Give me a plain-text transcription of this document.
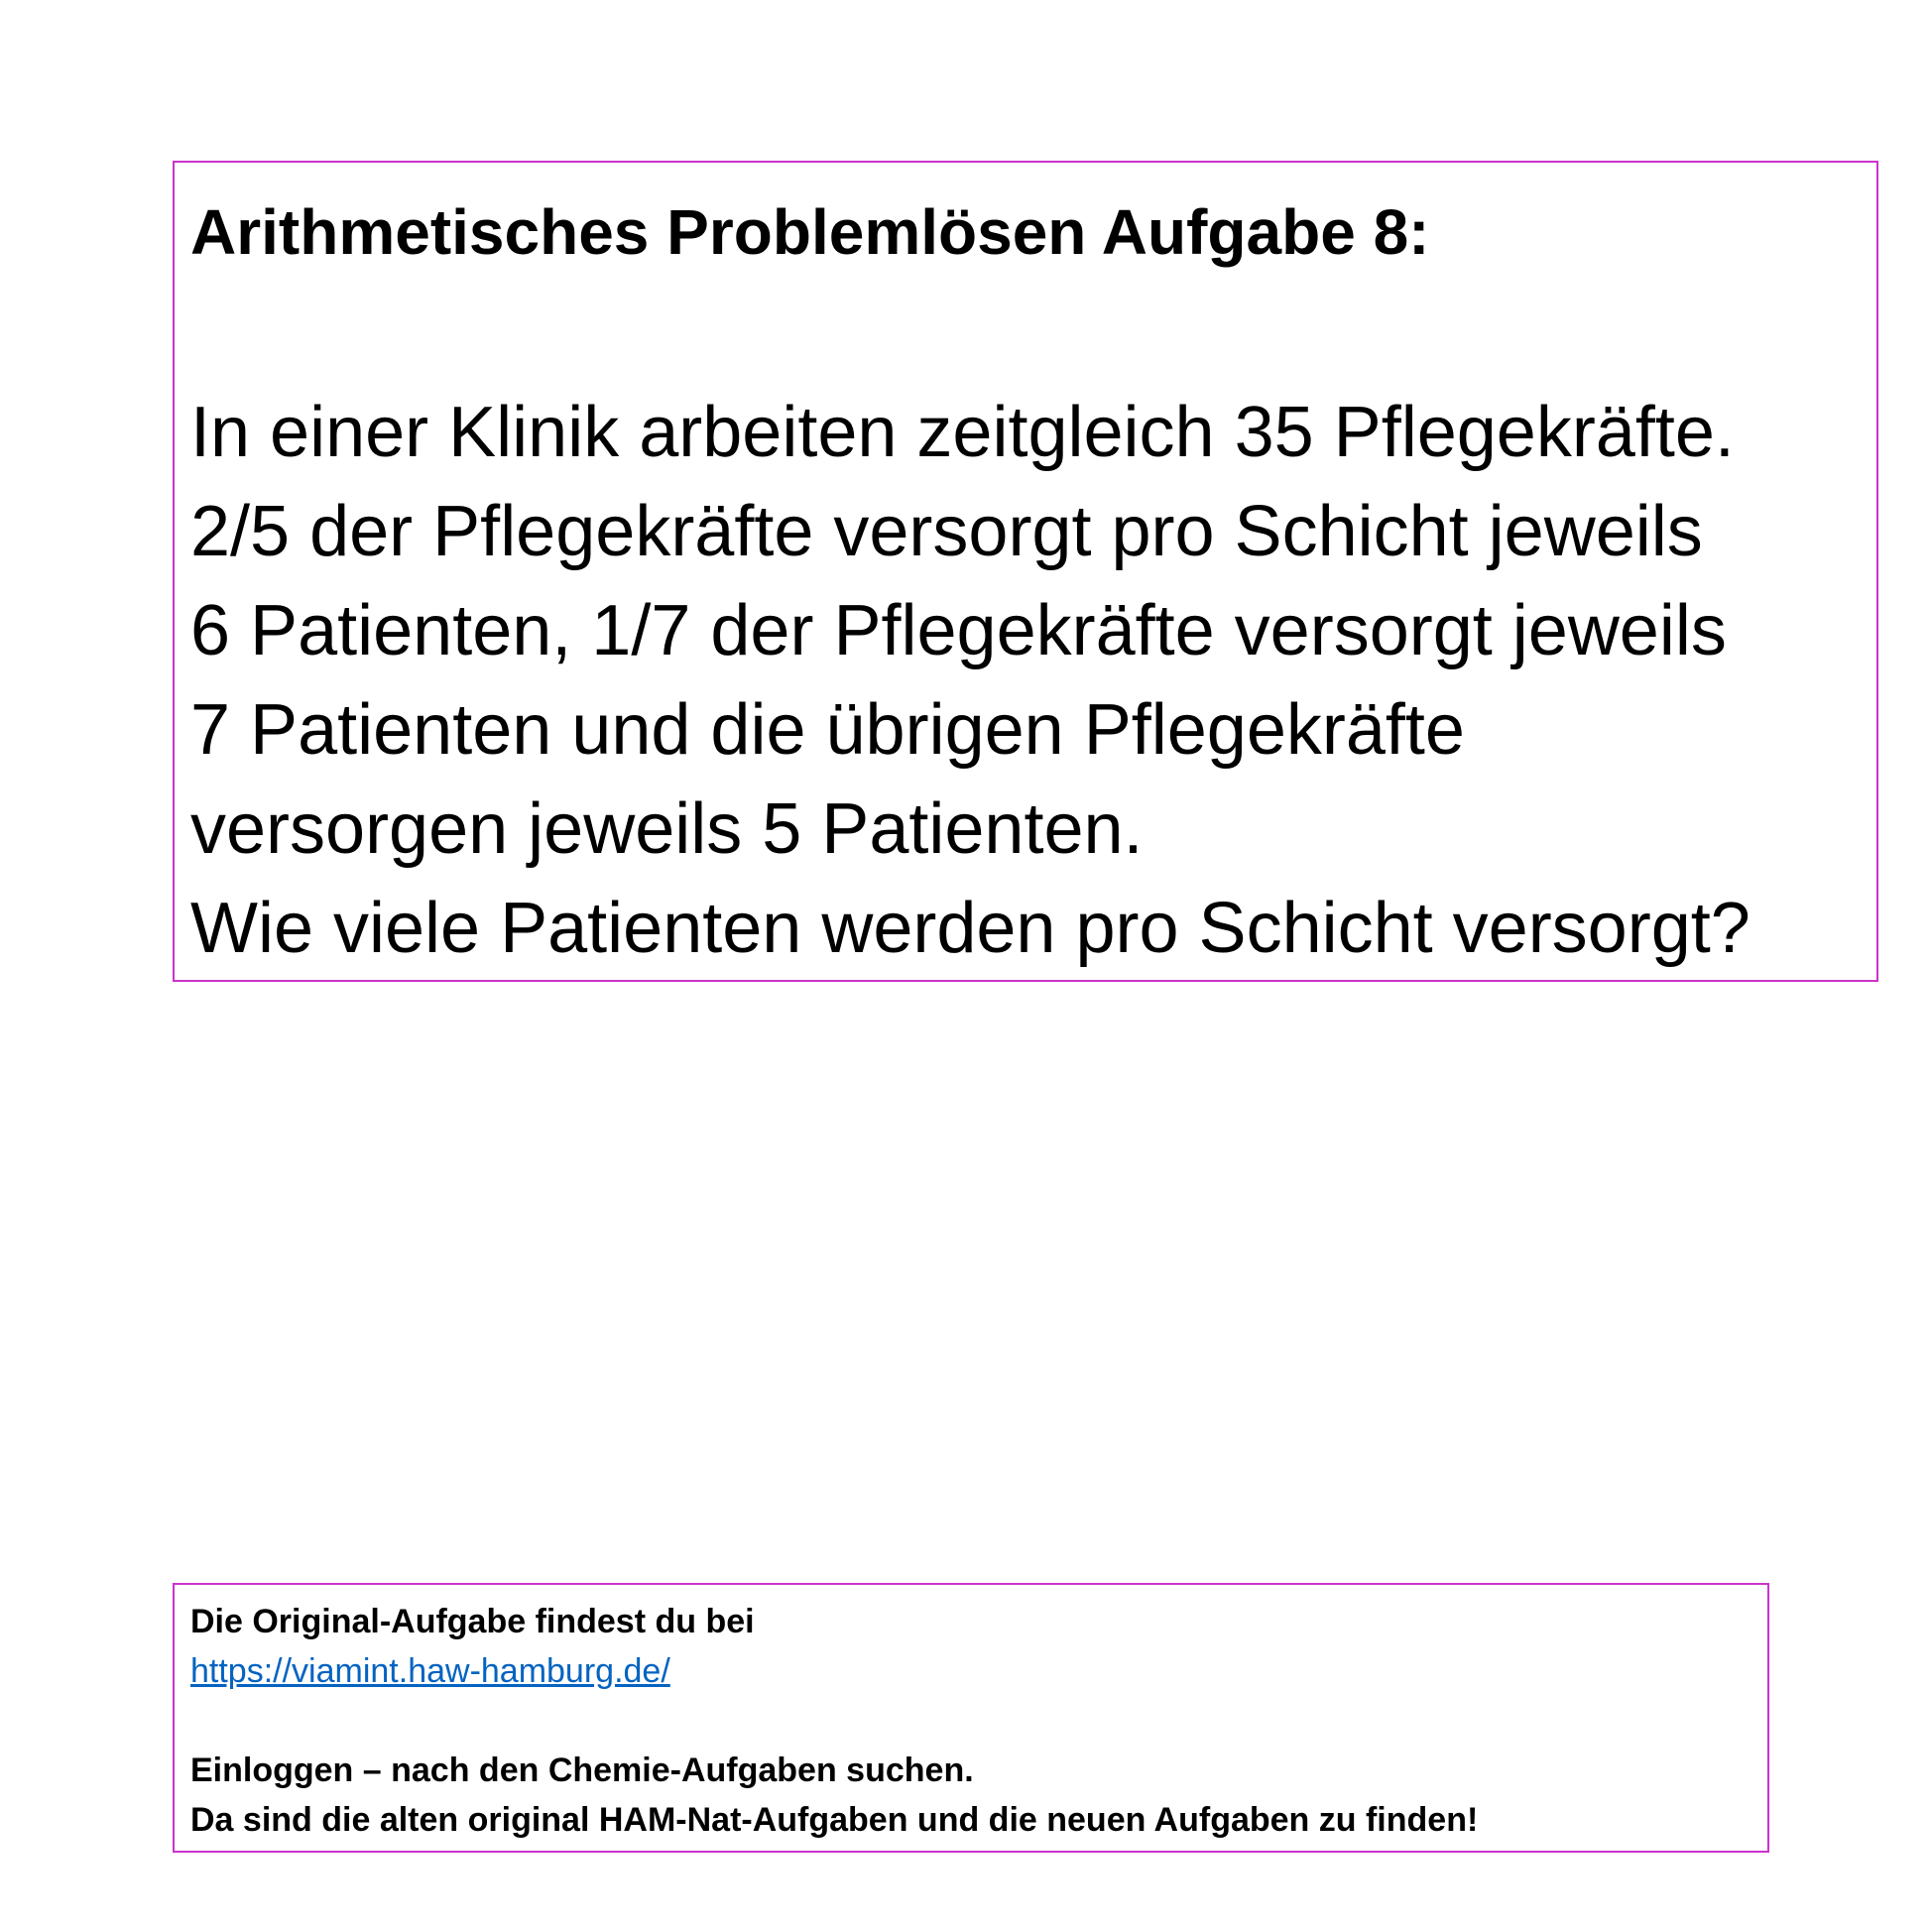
Arithmetisches Problemlösen Aufgabe 8:

In einer Klinik arbeiten zeitgleich 35 Pflegekräfte.

2/5 der Pflegekräfte versorgt pro Schicht jeweils

6 Patienten, 1/7 der Pflegekräfte versorgt jeweils

7 Patienten und die übrigen Pflegekräfte

versorgen jeweils 5 Patienten.

Wie viele Patienten werden pro Schicht versorgt?

Die Original-Aufgabe findest du bei

https://viamint.haw-hamburg.de/

Einloggen – nach den Chemie-Aufgaben suchen.

Da sind die alten original HAM-Nat-Aufgaben und die neuen Aufgaben zu finden!
